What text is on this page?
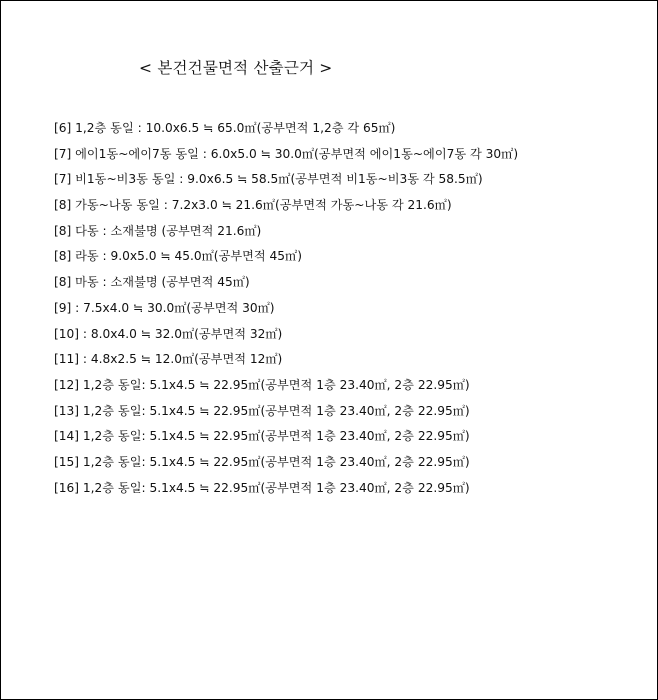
< 본건건물면적 산출근거 >
[6] 1,2층 동일 : 10.0x6.5 ≒ 65.0㎡(공부면적 1,2층 각 65㎡)
[7] 에이1동~에이7동 동일 : 6.0x5.0 ≒ 30.0㎡(공부면적 에이1동~에이7동 각 30㎡)
[7] 비1동~비3동 동일 : 9.0x6.5 ≒ 58.5㎡(공부면적 비1동~비3동 각 58.5㎡)
[8] 가동~나동 동일 : 7.2x3.0 ≒ 21.6㎡(공부면적 가동~나동 각 21.6㎡)
[8] 다동 : 소재불명 (공부면적 21.6㎡)
[8] 라동 : 9.0x5.0 ≒ 45.0㎡(공부면적 45㎡)
[8] 마동 : 소재불명 (공부면적 45㎡)
[9] : 7.5x4.0 ≒ 30.0㎡(공부면적 30㎡)
[10] : 8.0x4.0 ≒ 32.0㎡(공부면적 32㎡)
[11] : 4.8x2.5 ≒ 12.0㎡(공부면적 12㎡)
[12] 1,2층 동일: 5.1x4.5 ≒ 22.95㎡(공부면적 1층 23.40㎡, 2층 22.95㎡)
[13] 1,2층 동일: 5.1x4.5 ≒ 22.95㎡(공부면적 1층 23.40㎡, 2층 22.95㎡)
[14] 1,2층 동일: 5.1x4.5 ≒ 22.95㎡(공부면적 1층 23.40㎡, 2층 22.95㎡)
[15] 1,2층 동일: 5.1x4.5 ≒ 22.95㎡(공부면적 1층 23.40㎡, 2층 22.95㎡)
[16] 1,2층 동일: 5.1x4.5 ≒ 22.95㎡(공부면적 1층 23.40㎡, 2층 22.95㎡)
